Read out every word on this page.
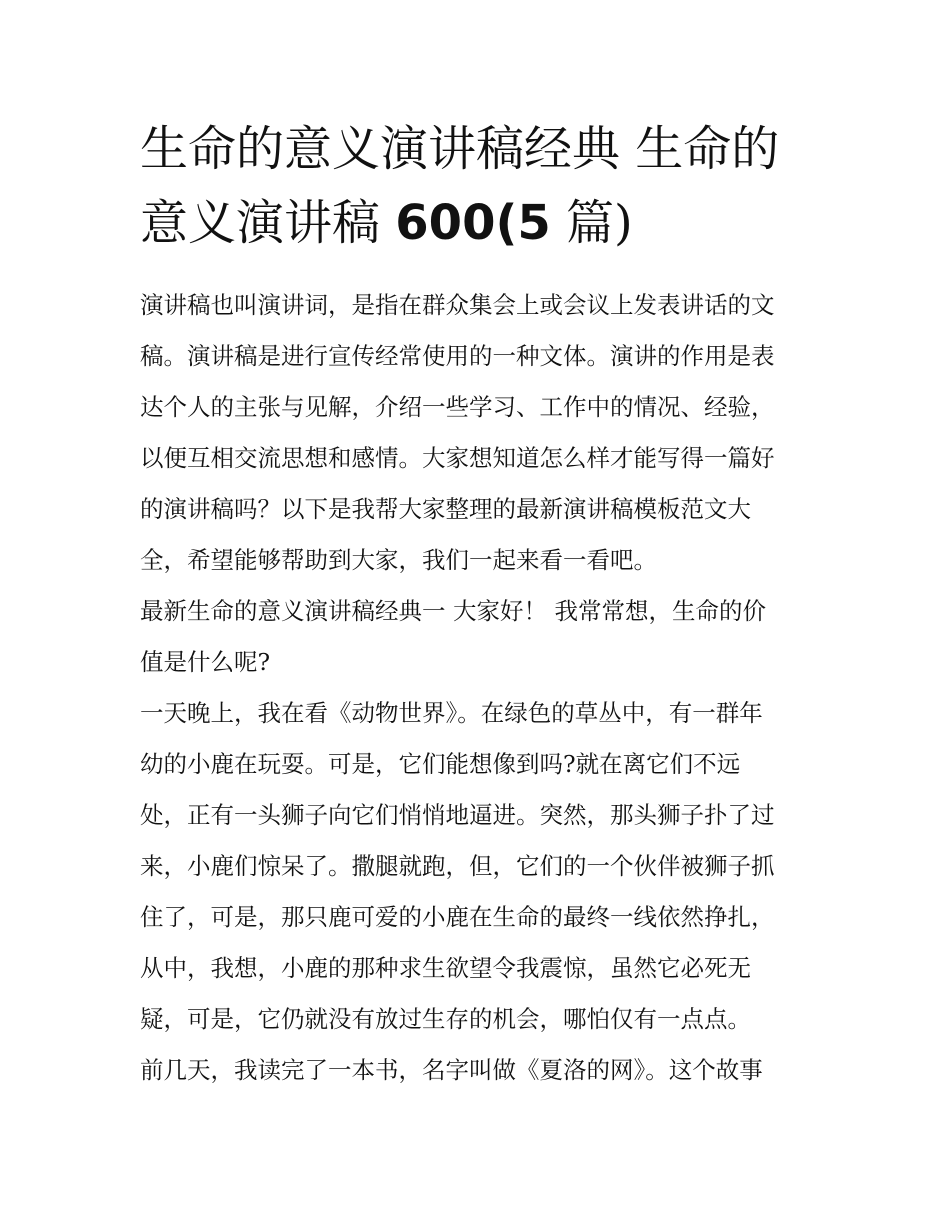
生命的意义演讲稿经典 生命的
意义演讲稿 600(5 篇)

演讲稿也叫演讲词，是指在群众集会上或会议上发表讲话的文
稿。演讲稿是进行宣传经常使用的一种文体。演讲的作用是表
达个人的主张与见解，介绍一些学习、工作中的情况、经验，
以便互相交流思想和感情。大家想知道怎么样才能写得一篇好
的演讲稿吗？以下是我帮大家整理的最新演讲稿模板范文大
全，希望能够帮助到大家，我们一起来看一看吧。

最新生命的意义演讲稿经典一 大家好！ 我常常想，生命的价
值是什么呢?

一天晚上，我在看《动物世界》。在绿色的草丛中，有一群年
幼的小鹿在玩耍。可是，它们能想像到吗?就在离它们不远
处，正有一头狮子向它们悄悄地逼进。突然，那头狮子扑了过
来，小鹿们惊呆了。撒腿就跑，但，它们的一个伙伴被狮子抓
住了，可是，那只鹿可爱的小鹿在生命的最终一线依然挣扎，
从中，我想，小鹿的那种求生欲望令我震惊，虽然它必死无
疑，可是，它仍就没有放过生存的机会，哪怕仅有一点点。

前几天，我读完了一本书，名字叫做《夏洛的网》。这个故事
